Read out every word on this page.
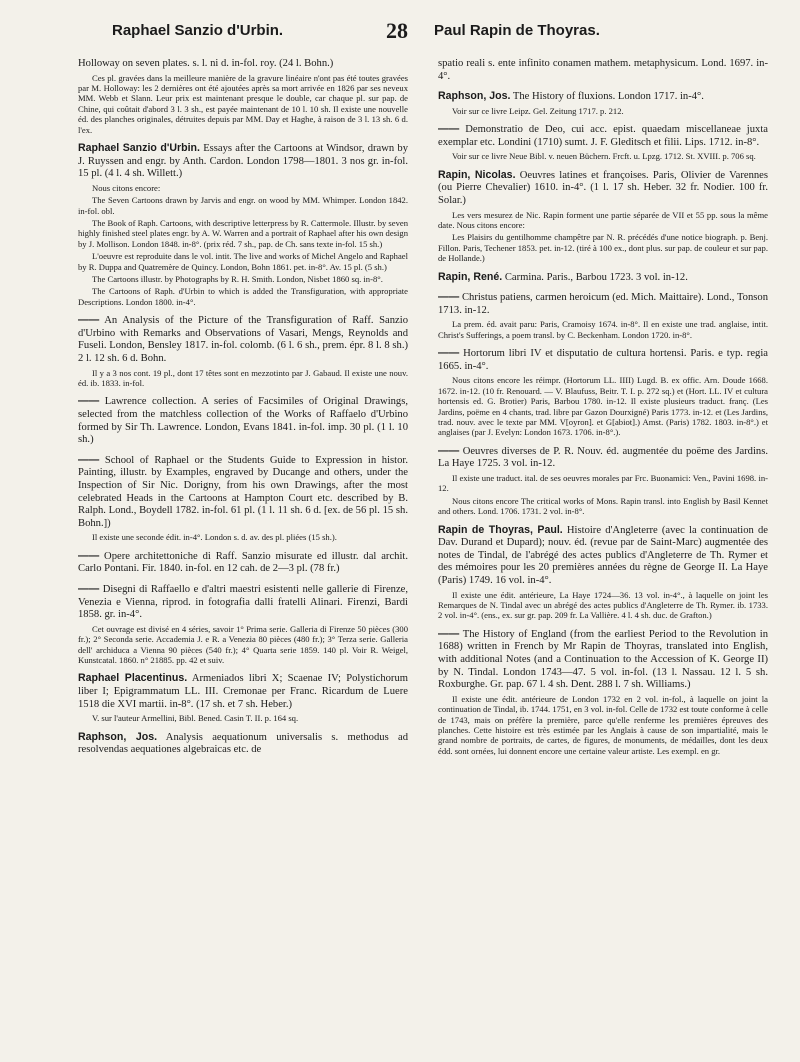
Raphael Sanzio d'Urbin.	28 Paul Rapin de Thoyras.
Holloway on seven plates. s. l. ni d. in-fol. roy. (24 l. Bohn.)
Ces pl. gravées dans la meilleure manière de la gravure linéaire n'ont pas été toutes gravées par M. Holloway: les 2 dernières ont été ajoutées après sa mort arrivée en 1826 par ses neveux MM. Webb et Slann. Leur prix est maintenant presque le double, car chaque pl. sur pap. de Chine, qui coûtait d'abord 3 l. 3 sh., est payée maintenant de 10 l. 10 sh. Il existe une nouvelle éd. des planches originales, détruites depuis par MM. Day et Haghe, à raison de 3 l. 13 sh. 6 d. l'ex.
Raphael Sanzio d'Urbin. Essays after the Cartoons at Windsor, drawn by J. Ruyssen and engr. by Anth. Cardon. London 1798—1801. 3 nos gr. in-fol. 15 pl. (4 l. 4 sh. Willett.)
Nous citons encore:
The Seven Cartoons drawn by Jarvis and engr. on wood by MM. Whimper. London 1842. in-fol. obl.
The Book of Raph. Cartoons, with descriptive letterpress by R. Cattermole. Illustr. by seven highly finished steel plates engr. by A. W. Warren and a portrait of Raphael after his own design by J. Mollison. London 1848. in-8°. (prix réd. 7 sh., pap. de Ch. sans texte in-fol. 15 sh.)
L'oeuvre est reproduite dans le vol. intit. The live and works of Michel Angelo and Raphael by R. Duppa and Quatremère de Quincy. London, Bohn 1861. pet. in-8°. Av. 15 pl. (5 sh.)
The Cartoons illustr. by Photographs by R. H. Smith. London, Nisbet 1860 sq. in-8°.
The Cartoons of Raph. d'Urbin to which is added the Transfiguration, with appropriate Descriptions. London 1800. in-4°.
—— An Analysis of the Picture of the Transfiguration of Raff. Sanzio d'Urbino with Remarks and Observations of Vasari, Mengs, Reynolds and Fuseli. London, Bensley 1817. in-fol. colomb. (6 l. 6 sh., prem. épr. 8 l. 8 sh.) 2 l. 12 sh. 6 d. Bohn.
Il y a 3 nos cont. 19 pl., dont 17 têtes sont en mezzotinto par J. Gabaud. Il existe une nouv. éd. ib. 1833. in-fol.
—— Lawrence collection. A series of Facsimiles of Original Drawings, selected from the matchless collection of the Works of Raffaelo d'Urbino formed by Sir Th. Lawrence. London, Evans 1841. in-fol. imp. 30 pl. (1 l. 10 sh.)
—— School of Raphael or the Students Guide to Expression in histor. Painting, illustr. by Examples, engraved by Ducange and others, under the Inspection of Sir Nic. Dorigny, from his own Drawings, after the most celebrated Heads in the Cartoons at Hampton Court etc. described by B. Ralph. Lond., Boydell 1782. in-fol. 61 pl. (1 l. 11 sh. 6 d. [ex. de 56 pl. 15 sh. Bohn.])
Il existe une seconde édit. in-4°. London s. d. av. des pl. pliées (15 sh.).
—— Opere architettoniche di Raff. Sanzio misurate ed illustr. dal archit. Carlo Pontani. Fir. 1840. in-fol. en 12 cah. de 2—3 pl. (78 fr.)
—— Disegni di Raffaello e d'altri maestri esistenti nelle gallerie di Firenze, Venezia e Vienna, riprod. in fotografia dalli fratelli Alinari. Firenzi, Bardi 1858. gr. in-4°.
Cet ouvrage est divisé en 4 séries, savoir 1° Prima serie. Galleria di Firenze 50 pièces (300 fr.); 2° Seconda serie. Accademia J. e R. a Venezia 80 pièces (480 fr.); 3° Terza serie. Galleria dell' archiduca a Vienna 90 pièces (540 fr.); 4° Quarta serie 1859. 140 pl. Voir R. Weigel, Kunstcatal. 1860. n° 21885. pp. 42 et suiv.
Raphael Placentinus. Armeniados libri X; Scaenae IV; Polystichorum liber I; Epigrammatum LL. III. Cremonae per Franc. Ricardum de Luere 1518 die XVI martii. in-8°. (17 sh. et 7 sh. Heber.)
V. sur l'auteur Armellini, Bibl. Bened. Casin T. II. p. 164 sq.
Raphson, Jos. Analysis aequationum universalis s. methodus ad resolvendas aequationes algebraicas etc. de
spatio reali s. ente infinito conamen mathem. metaphysicum. Lond. 1697. in-4°.
Raphson, Jos. The History of fluxions. London 1717. in-4°.
Voir sur ce livre Leipz. Gel. Zeitung 1717. p. 212.
—— Demonstratio de Deo, cui acc. epist. quaedam miscellaneae juxta exemplar etc. Londini (1710) sumt. J. F. Gleditsch et filii. Lips. 1712. in-8°.
Voir sur ce livre Neue Bibl. v. neuen Büchern. Frcft. u. Lpzg. 1712. St. XVIII. p. 706 sq.
Rapin, Nicolas. Oeuvres latines et françoises. Paris, Olivier de Varennes (ou Pierre Chevalier) 1610. in-4°. (1 l. 17 sh. Heber. 32 fr. Nodier. 100 fr. Solar.)
Les vers mesurez de Nic. Rapin forment une partie séparée de VII et 55 pp. sous la même date. Nous citons encore:
Les Plaisirs du gentilhomme champêtre par N. R. précédés d'une notice biograph. p. Benj. Fillon. Paris, Techener 1853. pet. in-12. (tiré à 100 ex., dont plus. sur pap. de couleur et sur pap. de Hollande.)
Rapin, René. Carmina. Paris., Barbou 1723. 3 vol. in-12.
—— Christus patiens, carmen heroicum (ed. Mich. Maittaire). Lond., Tonson 1713. in-12.
La prem. éd. avait paru: Paris, Cramoisy 1674. in-8°. Il en existe une trad. anglaise, intit. Christ's Sufferings, a poem transl. by C. Beckenham. London 1720. in-8°.
—— Hortorum libri IV et disputatio de cultura hortensi. Paris. e typ. regia 1665. in-4°.
Nous citons encore les réimpr. (Hortorum LL. IIII) Lugd. B. ex offic. Arn. Doude 1668. 1672. in-12. (10 fr. Renouard. — V. Blaufuss, Beitr. T. I. p. 272 sq.) et (Hort. LL. IV et cultura hortensis ed. G. Brotier) Paris, Barbou 1780. in-12. Il existe plusieurs traduct. franç. (Les Jardins, poëme en 4 chants, trad. libre par Gazon Dourxigné) Paris 1773. in-12. et (Les Jardins, trad. nouv. avec le texte par MM. V[oyron]. et G[abiot].) Amst. (Paris) 1782. 1803. in-8°.) et anglaises (par J. Evelyn: London 1673. 1706. in-8°.).
—— Oeuvres diverses de P. R. Nouv. éd. augmentée du poëme des Jardins. La Haye 1725. 3 vol. in-12.
Il existe une traduct. ital. de ses oeuvres morales par Frc. Buonamici: Ven., Pavini 1698. in-12.
Nous citons encore The critical works of Mons. Rapin transl. into English by Basil Kennet and others. Lond. 1706. 1731. 2 vol. in-8°.
Rapin de Thoyras, Paul. Histoire d'Angleterre (avec la continuation de Dav. Durand et Dupard); nouv. éd. (revue par de Saint-Marc) augmentée des notes de Tindal, de l'abrégé des actes publics d'Angleterre de Th. Rymer et des mémoires pour les 20 premières années du règne de George II. La Haye (Paris) 1749. 16 vol. in-4°.
Il existe une édit. antérieure, La Haye 1724—36. 13 vol. in-4°., à laquelle on joint les Remarques de N. Tindal avec un abrégé des actes publics d'Angleterre de Th. Rymer. ib. 1733. 2 vol. in-4°. (ens., ex. sur gr. pap. 209 fr. La Vallière. 4 l. 4 sh. duc. de Grafton.)
—— The History of England (from the earliest Period to the Revolution in 1688) written in French by Mr Rapin de Thoyras, translated into English, with additional Notes (and a Continuation to the Accession of K. George II) by N. Tindal. London 1743—47. 5 vol. in-fol. (13 l. Nassau. 12 l. 5 sh. Roxburghe. Gr. pap. 67 l. 4 sh. Dent. 288 l. 7 sh. Williams.)
Il existe une édit. antérieure de London 1732 en 2 vol. in-fol., à laquelle on joint la continuation de Tindal, ib. 1744. 1751, en 3 vol. in-fol. Celle de 1732 est toute conforme à celle de 1743, mais on préfère la première, parce qu'elle renferme les premières épreuves des planches. Cette histoire est très estimée par les Anglais à cause de son impartialité, mais le grand nombre de portraits, de cartes, de figures, de monuments, de médailles, dont les deux édd. sont ornées, lui donnent encore une certaine valeur artiste. Les exempl. en gr.
